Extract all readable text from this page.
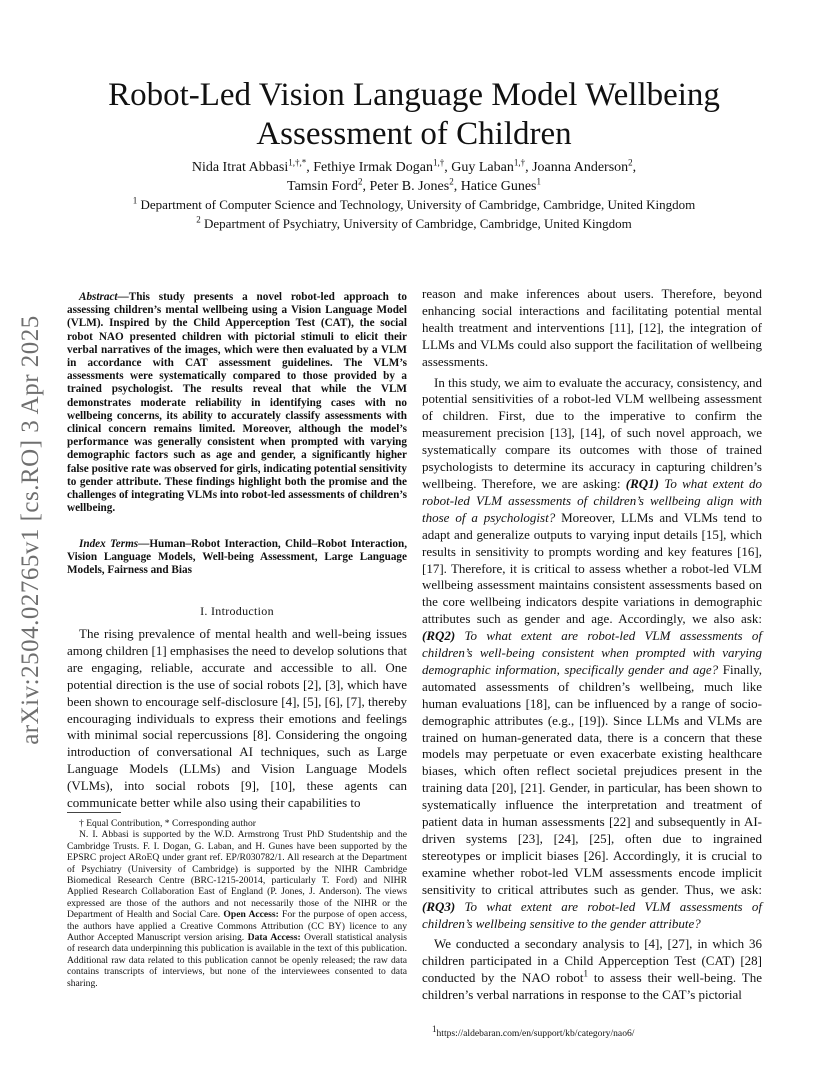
arXiv:2504.02765v1 [cs.RO] 3 Apr 2025
Robot-Led Vision Language Model Wellbeing
Assessment of Children
Nida Itrat Abbasi$^{1,\dagger,*}$, Fethiye Irmak Dogan$^{1,\dagger}$, Guy Laban$^{1,\dagger}$, Joanna Anderson$^2$,
Tamsin Ford$^2$, Peter B. Jones$^2$, Hatice Gunes$^1$
$^1$ Department of Computer Science and Technology, University of Cambridge, Cambridge, United Kingdom
$^2$ Department of Psychiatry, University of Cambridge, Cambridge, United Kingdom
Abstract—This study presents a novel robot-led approach to assessing children’s mental wellbeing using a Vision Language Model (VLM). Inspired by the Child Apperception Test (CAT), the social robot NAO presented children with pictorial stimuli to elicit their verbal narratives of the images, which were then evaluated by a VLM in accordance with CAT assessment guidelines. The VLM’s assessments were systematically compared to those provided by a trained psychologist. The results reveal that while the VLM demonstrates moderate reliability in identifying cases with no wellbeing concerns, its ability to accurately classify assessments with clinical concern remains limited. Moreover, although the model’s performance was generally consistent when prompted with varying demographic factors such as age and gender, a significantly higher false positive rate was observed for girls, indicating potential sensitivity to gender attribute. These findings highlight both the promise and the challenges of integrating VLMs into robot-led assessments of children’s wellbeing.
Index Terms—Human–Robot Interaction, Child–Robot Interaction, Vision Language Models, Well-being Assessment, Large Language Models, Fairness and Bias
I. Introduction
The rising prevalence of mental health and well-being issues among children [1] emphasises the need to develop solutions that are engaging, reliable, accurate and accessible to all. One potential direction is the use of social robots [2], [3], which have been shown to encourage self-disclosure [4], [5], [6], [7], thereby encouraging individuals to express their emotions and feelings with minimal social repercussions [8]. Considering the ongoing introduction of conversational AI techniques, such as Large Language Models (LLMs) and Vision Language Models (VLMs), into social robots [9], [10], these agents can communicate better while also using their capabilities to

† Equal Contribution, * Corresponding author

N. I. Abbasi is supported by the W.D. Armstrong Trust PhD Studentship and the Cambridge Trusts. F. I. Dogan, G. Laban, and H. Gunes have been supported by the EPSRC project ARoEQ under grant ref. EP/R030782/1. All research at the Department of Psychiatry (University of Cambridge) is supported by the NIHR Cambridge Biomedical Research Centre (BRC-1215-20014, particularly T. Ford) and NIHR Applied Research Collaboration East of England (P. Jones, J. Anderson). The views expressed are those of the authors and not necessarily those of the NIHR or the Department of Health and Social Care. Open Access: For the purpose of open access, the authors have applied a Creative Commons Attribution (CC BY) licence to any Author Accepted Manuscript version arising. Data Access: Overall statistical analysis of research data underpinning this publication is available in the text of this publication. Additional raw data related to this publication cannot be openly released; the raw data contains transcripts of interviews, but none of the interviewees consented to data sharing.

reason and make inferences about users. Therefore, beyond enhancing social interactions and facilitating potential mental health treatment and interventions [11], [12], the integration of LLMs and VLMs could also support the facilitation of wellbeing assessments.

In this study, we aim to evaluate the accuracy, consistency, and potential sensitivities of a robot-led VLM wellbeing assessment of children. First, due to the imperative to confirm the measurement precision [13], [14], of such novel approach, we systematically compare its outcomes with those of trained psychologists to determine its accuracy in capturing children’s wellbeing. Therefore, we are asking: (RQ1) To what extent do robot-led VLM assessments of children’s wellbeing align with those of a psychologist? Moreover, LLMs and VLMs tend to adapt and generalize outputs to varying input details [15], which results in sensitivity to prompts wording and key features [16], [17]. Therefore, it is critical to assess whether a robot-led VLM wellbeing assessment maintains consistent assessments based on the core wellbeing indicators despite variations in demographic attributes such as gender and age. Accordingly, we also ask: (RQ2) To what extent are robot-led VLM assessments of children’s well-being consistent when prompted with varying demographic information, specifically gender and age? Finally, automated assessments of children’s wellbeing, much like human evaluations [18], can be influenced by a range of socio-demographic attributes (e.g., [19]). Since LLMs and VLMs are trained on human-generated data, there is a concern that these models may perpetuate or even exacerbate existing healthcare biases, which often reflect societal prejudices present in the training data [20], [21]. Gender, in particular, has been shown to systematically influence the interpretation and treatment of patient data in human assessments [22] and subsequently in AI-driven systems [23], [24], [25], often due to ingrained stereotypes or implicit biases [26]. Accordingly, it is crucial to examine whether robot-led VLM assessments encode implicit sensitivity to critical attributes such as gender. Thus, we ask: (RQ3) To what extent are robot-led VLM assessments of children’s wellbeing sensitive to the gender attribute?

We conducted a secondary analysis to [4], [27], in which 36 children participated in a Child Apperception Test (CAT) [28] conducted by the NAO robot$^1$ to assess their well-being. The children’s verbal narrations in response to the CAT’s pictorial

$^1$https://aldebaran.com/en/support/kb/category/nao6/
